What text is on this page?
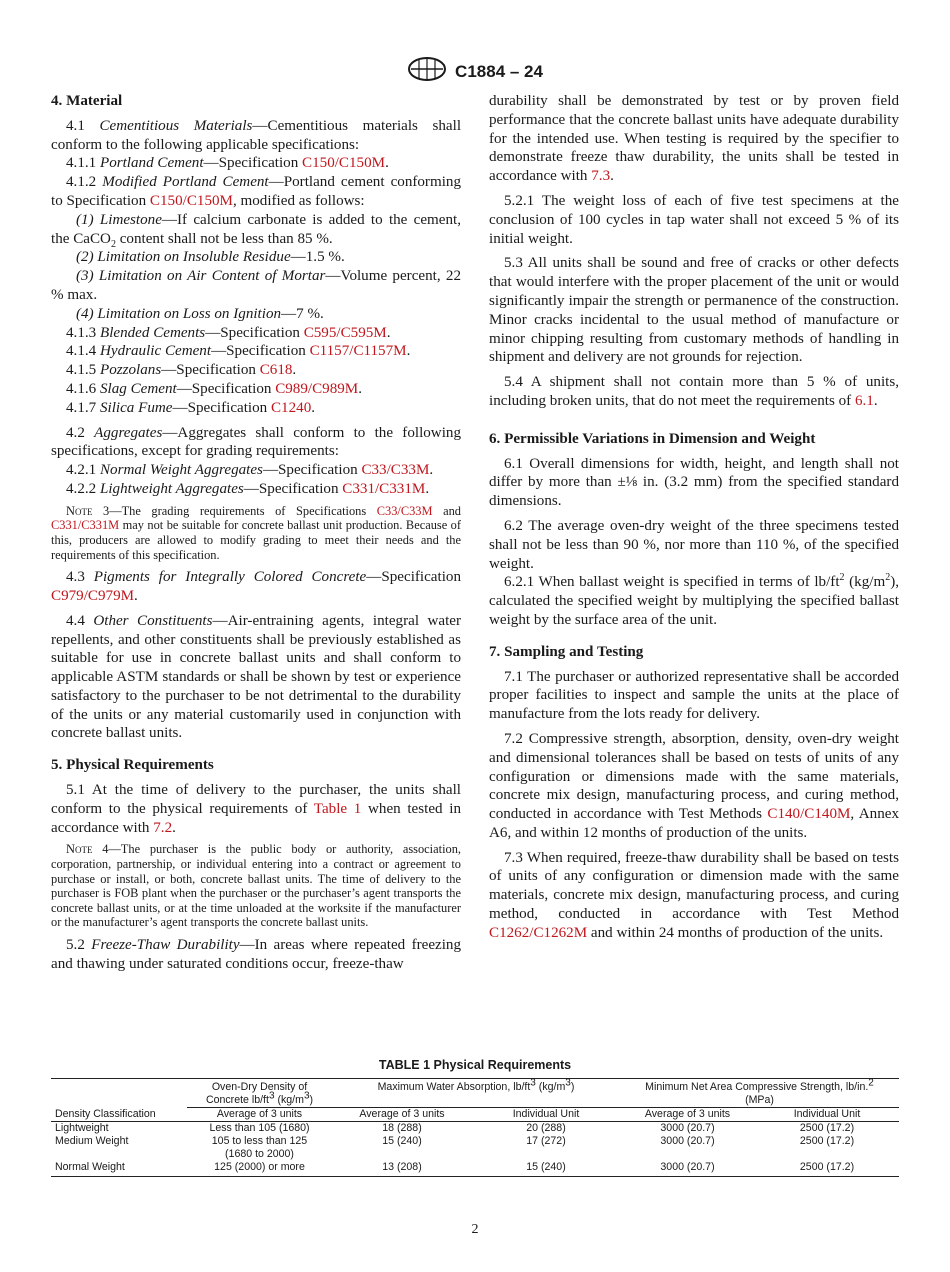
C1884 – 24

4. Material

4.1 Cementitious Materials—Cementitious materials shall conform to the following applicable specifications:

4.1.1 Portland Cement—Specification C150/C150M.

4.1.2 Modified Portland Cement—Portland cement conforming to Specification C150/C150M, modified as follows:

(1) Limestone—If calcium carbonate is added to the cement, the CaCO$_2$ content shall not be less than 85 %.

(2) Limitation on Insoluble Residue—1.5 %.

(3) Limitation on Air Content of Mortar—Volume percent, 22 % max.

(4) Limitation on Loss on Ignition—7 %.

4.1.3 Blended Cements—Specification C595/C595M.

4.1.4 Hydraulic Cement—Specification C1157/C1157M.

4.1.5 Pozzolans—Specification C618.

4.1.6 Slag Cement—Specification C989/C989M.

4.1.7 Silica Fume—Specification C1240.

4.2 Aggregates—Aggregates shall conform to the following specifications, except for grading requirements:

4.2.1 Normal Weight Aggregates—Specification C33/C33M.

4.2.2 Lightweight Aggregates—Specification C331/C331M.

Note 3—The grading requirements of Specifications C33/C33M and C331/C331M may not be suitable for concrete ballast unit production. Because of this, producers are allowed to modify grading to meet their needs and the requirements of this specification.

4.3 Pigments for Integrally Colored Concrete—Specification C979/C979M.

4.4 Other Constituents—Air-entraining agents, integral water repellents, and other constituents shall be previously established as suitable for use in concrete ballast units and shall conform to applicable ASTM standards or shall be shown by test or experience satisfactory to the purchaser to be not detrimental to the durability of the units or any material customarily used in conjunction with concrete ballast units.

5. Physical Requirements

5.1 At the time of delivery to the purchaser, the units shall conform to the physical requirements of Table 1 when tested in accordance with 7.2.

Note 4—The purchaser is the public body or authority, association, corporation, partnership, or individual entering into a contract or agreement to purchase or install, or both, concrete ballast units. The time of delivery to the purchaser is FOB plant when the purchaser or the purchaser’s agent transports the concrete ballast units, or at the time unloaded at the worksite if the manufacturer or the manufacturer’s agent transports the concrete ballast units.

5.2 Freeze-Thaw Durability—In areas where repeated freezing and thawing under saturated conditions occur, freeze-thaw

durability shall be demonstrated by test or by proven field performance that the concrete ballast units have adequate durability for the intended use. When testing is required by the specifier to demonstrate freeze thaw durability, the units shall be tested in accordance with 7.3.

5.2.1 The weight loss of each of five test specimens at the conclusion of 100 cycles in tap water shall not exceed 5 % of its initial weight.

5.3 All units shall be sound and free of cracks or other defects that would interfere with the proper placement of the unit or would significantly impair the strength or permanence of the construction. Minor cracks incidental to the usual method of manufacture or minor chipping resulting from customary methods of handling in shipment and delivery are not grounds for rejection.

5.4 A shipment shall not contain more than 5 % of units, including broken units, that do not meet the requirements of 6.1.

6. Permissible Variations in Dimension and Weight

6.1 Overall dimensions for width, height, and length shall not differ by more than ±⅛ in. (3.2 mm) from the specified standard dimensions.

6.2 The average oven-dry weight of the three specimens tested shall not be less than 90 %, nor more than 110 %, of the specified weight.

6.2.1 When ballast weight is specified in terms of $lb/ft^2$ $(kg/m^2)$, calculated the specified weight by multiplying the specified ballast weight by the surface area of the unit.

7. Sampling and Testing

7.1 The purchaser or authorized representative shall be accorded proper facilities to inspect and sample the units at the place of manufacture from the lots ready for delivery.

7.2 Compressive strength, absorption, density, oven-dry weight and dimensional tolerances shall be based on tests of units of any configuration or dimensions made with the same materials, concrete mix design, manufacturing process, and curing method, conducted in accordance with Test Methods C140/C140M, Annex A6, and within 12 months of production of the units.

7.3 When required, freeze-thaw durability shall be based on tests of units of any configuration or dimension made with the same materials, concrete mix design, manufacturing process, and curing method, conducted in accordance with Test Method C1262/C1262M and within 24 months of production of the units.

TABLE 1 Physical Requirements
Density Classification	Oven-Dry Density of
Concrete $lb/ft^3$ $(kg/m^3)$	Maximum Water Absorption, $lb/ft^3$ $(kg/m^3)$		Minimum Net Area Compressive Strength, lb/in.$^2$
(MPa)	
	Average of 3 units	Average of 3 units	Individual Unit	Average of 3 units	Individual Unit
Lightweight	Less than 105 (1680)	18 (288)	20 (288)	3000 (20.7)	2500 (17.2)
Medium Weight	105 to less than 125
(1680 to 2000)	15 (240)	17 (272)	3000 (20.7)	2500 (17.2)
Normal Weight	125 (2000) or more	13 (208)	15 (240)	3000 (20.7)	2500 (17.2)
2
